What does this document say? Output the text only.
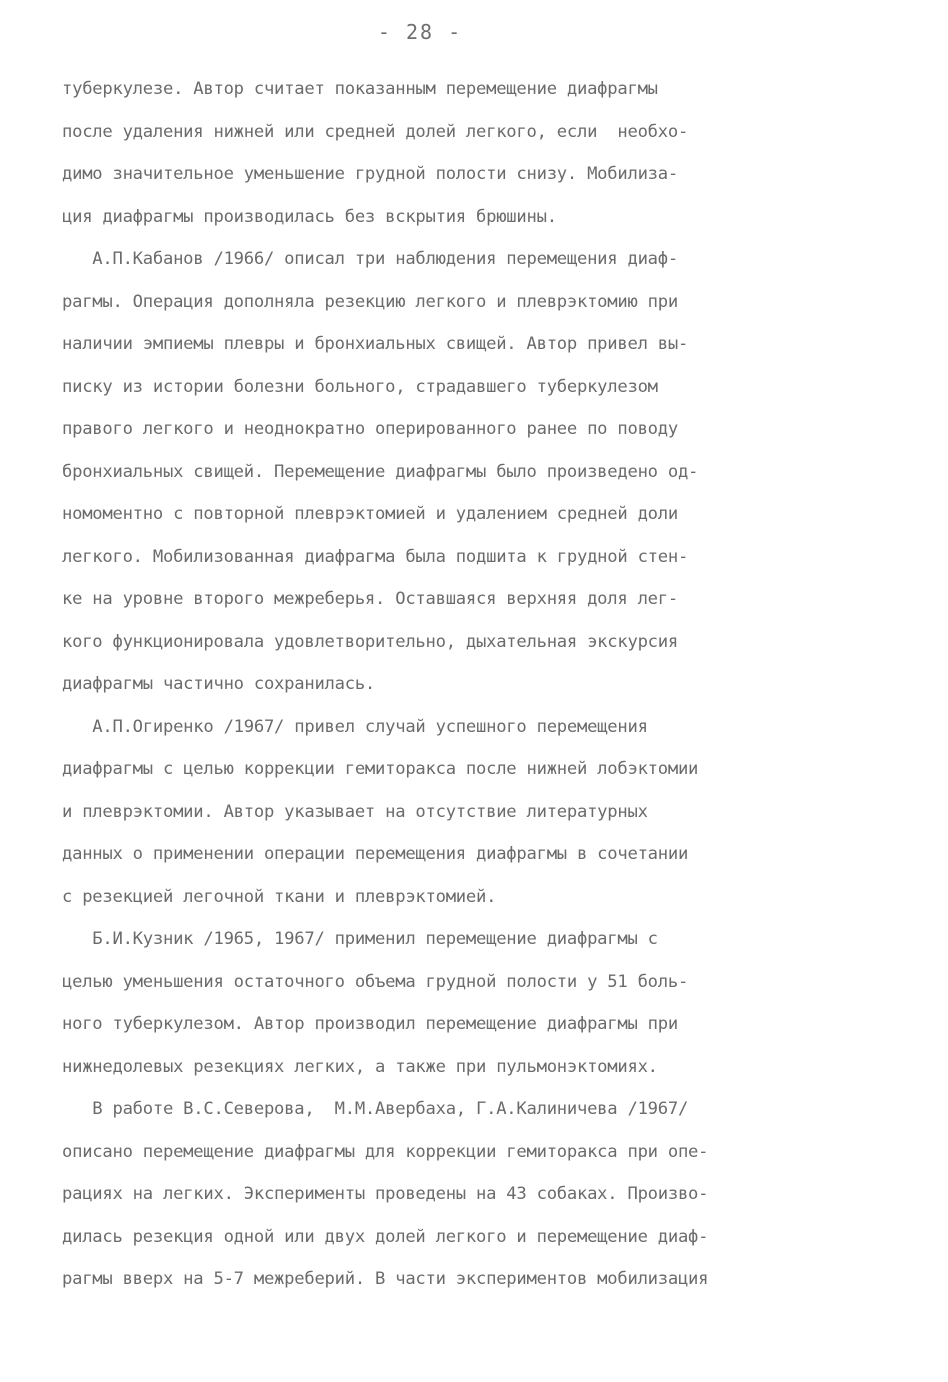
- 28 -
туберкулезе. Автор считает показанным перемещение диафрагмы
после удаления нижней или средней долей легкого, если  необхо-
димо значительное уменьшение грудной полости снизу. Мобилиза-
ция диафрагмы производилась без вскрытия брюшины.
А.П.Кабанов /1966/ описал три наблюдения перемещения диаф-
рагмы. Операция дополняла резекцию легкого и плеврэктомию при
наличии эмпиемы плевры и бронхиальных свищей. Автор привел вы-
писку из истории болезни больного, страдавшего туберкулезом
правого легкого и неоднократно оперированного ранее по поводу
бронхиальных свищей. Перемещение диафрагмы было произведено од-
номоментно с повторной плеврэктомией и удалением средней доли
легкого. Мобилизованная диафрагма была подшита к грудной стен-
ке на уровне второго межреберья. Оставшаяся верхняя доля лег-
кого функционировала удовлетворительно, дыхательная экскурсия
диафрагмы частично сохранилась.
А.П.Огиренко /1967/ привел случай успешного перемещения
диафрагмы с целью коррекции гемиторакса после нижней лобэктомии
и плеврэктомии. Автор указывает на отсутствие литературных
данных о применении операции перемещения диафрагмы в сочетании
с резекцией легочной ткани и плеврэктомией.
Б.И.Кузник /1965, 1967/ применил перемещение диафрагмы с
целью уменьшения остаточного объема грудной полости у 51 боль-
ного туберкулезом. Автор производил перемещение диафрагмы при
нижнедолевых резекциях легких, а также при пульмонэктомиях.
В работе В.С.Северова,  М.М.Авербаха, Г.А.Калиничева /1967/
описано перемещение диафрагмы для коррекции гемиторакса при опе-
рациях на легких. Эксперименты проведены на 43 собаках. Произво-
дилась резекция одной или двух долей легкого и перемещение диаф-
рагмы вверх на 5-7 межреберий. В части экспериментов мобилизация
